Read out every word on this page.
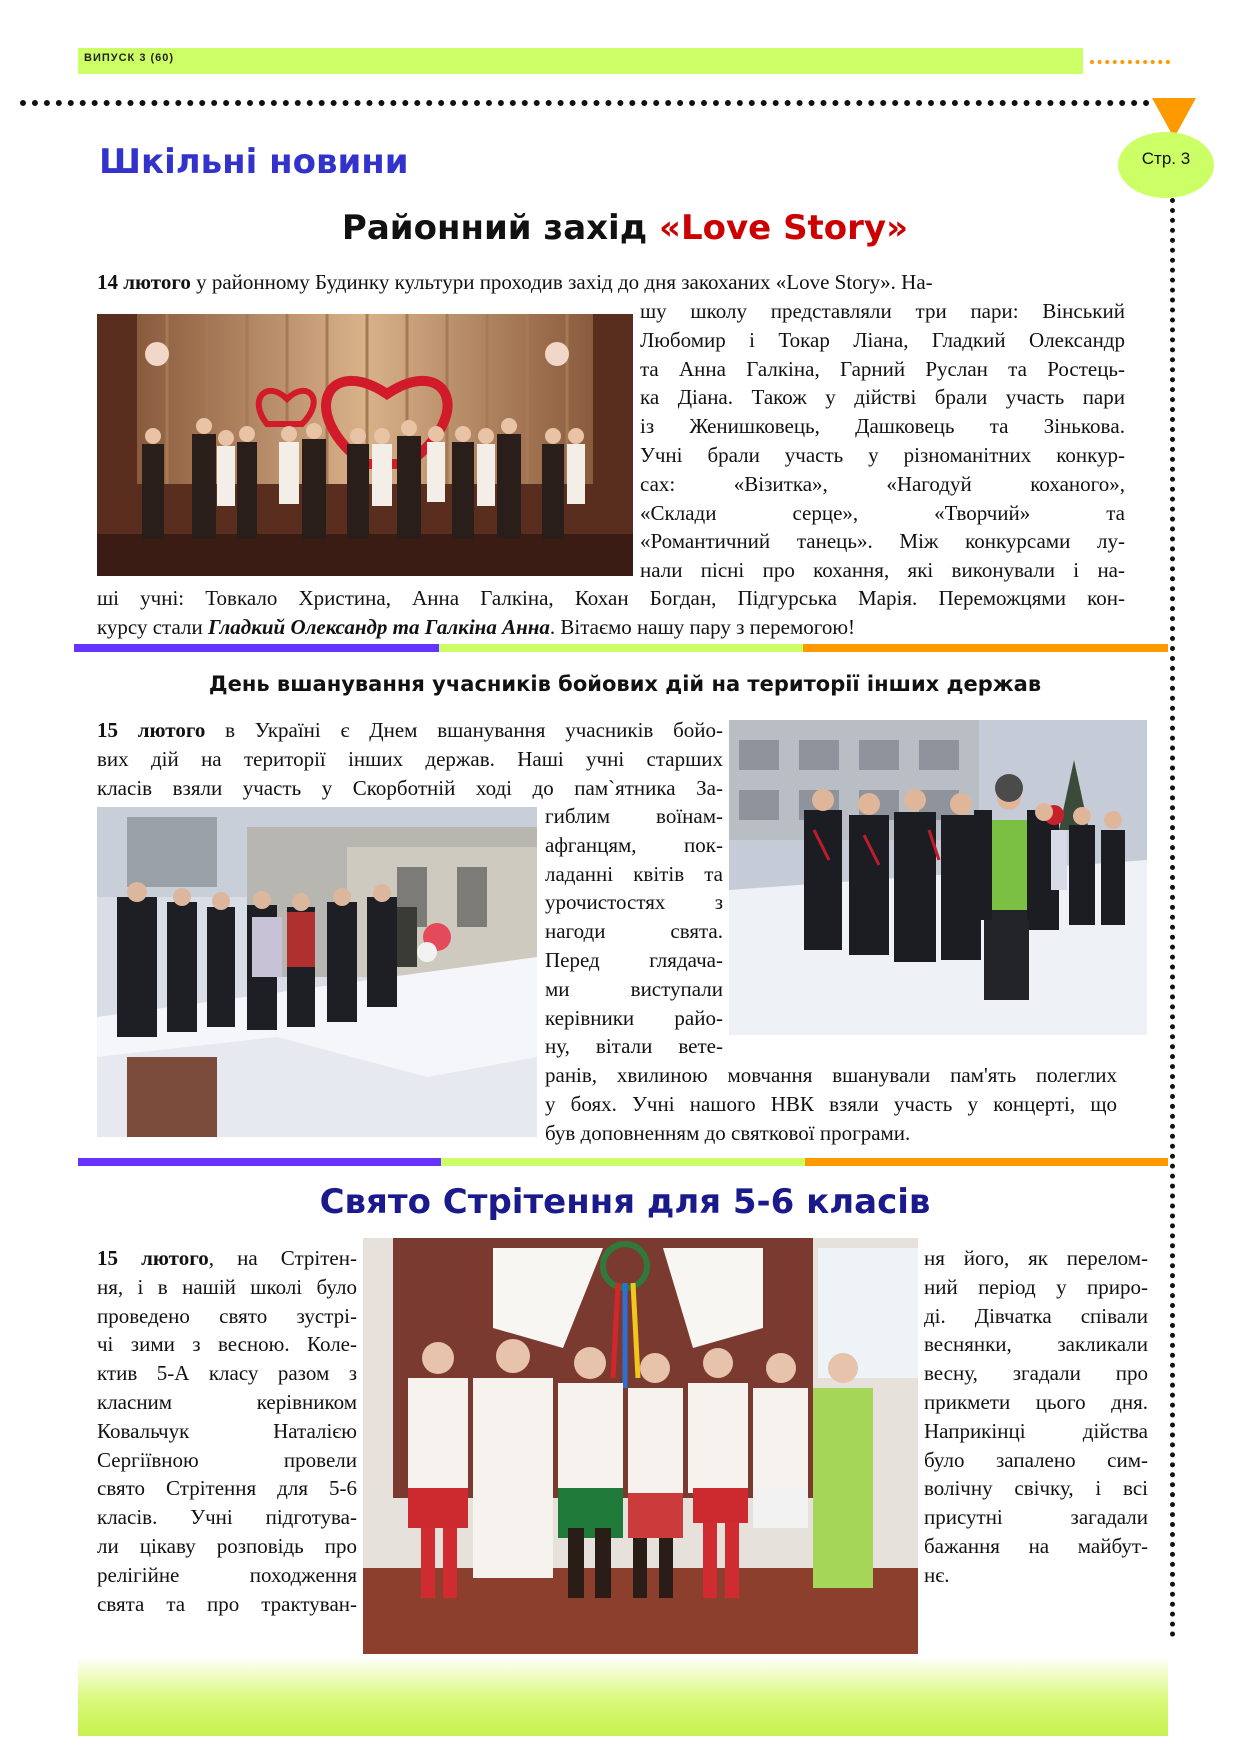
ВИПУСК 3 (60)
Стр. 3
Шкільні новини
Районний захід «Love Story»

14 лютого у районному Будинку культури проходив захід до дня закоханих «Love Story». На-

шу школу представляли три пари: Вінський

Любомир і Токар Ліана, Гладкий Олександр

та Анна Галкіна, Гарний Руслан та Ростець-

ка Діана. Також у дійстві брали участь пари

із Женишковець, Дашковець та Зіньковa.

Учні брали участь у різноманітних конкур-

сах: «Візитка», «Нагодуй коханого»,

«Склади серце», «Творчий» та

«Романтичний танець». Між конкурсами лу-

нали пісні про кохання, які виконували і на-

ші учні: Товкало Христина, Анна Галкіна, Кохан Богдан, Підгурська Марія. Переможцями кон-

курсу стали Гладкий Олександр та Галкіна Анна. Вітаємо нашу пару з перемогою!

День вшанування учасників бойових дій на території інших держав

15 лютого в Україні є Днем вшанування учасників бойо-

вих дій на території інших держав. Наші учні старших

класів взяли участь у Скорботній ході до пам`ятника За-

гиблим воїнам-

афганцям, пок-

ладанні квітів та

урочистостях з

нагоди свята.

Перед глядача-

ми виступали

керівники райо-

ну, вітали вете-

ранів, хвилиною мовчання вшанували пам'ять полеглих

у боях. Учні нашого НВК взяли участь у концерті, що

був доповненням до святкової програми.

Свято Стрітення для 5-6 класів

15 лютого, на Стрітен-

ня, і в нашій школі було

проведено свято зустрі-

чі зими з весною. Коле-

ктив 5-А класу разом з

класним керівником

Ковальчук Наталією

Сергіївною провели

свято Стрітення для 5-6

класів. Учні підготува-

ли цікаву розповідь про

релігійне походження

свята та про трактуван-

ня його, як перелом-

ний період у приро-

ді. Дівчатка співали

веснянки, закликали

весну, згадали про

прикмети цього дня.

Наприкінці дійства

було запалено сим-

волічну свічку, і всі

присутні загадали

бажання на майбут-

нє.
